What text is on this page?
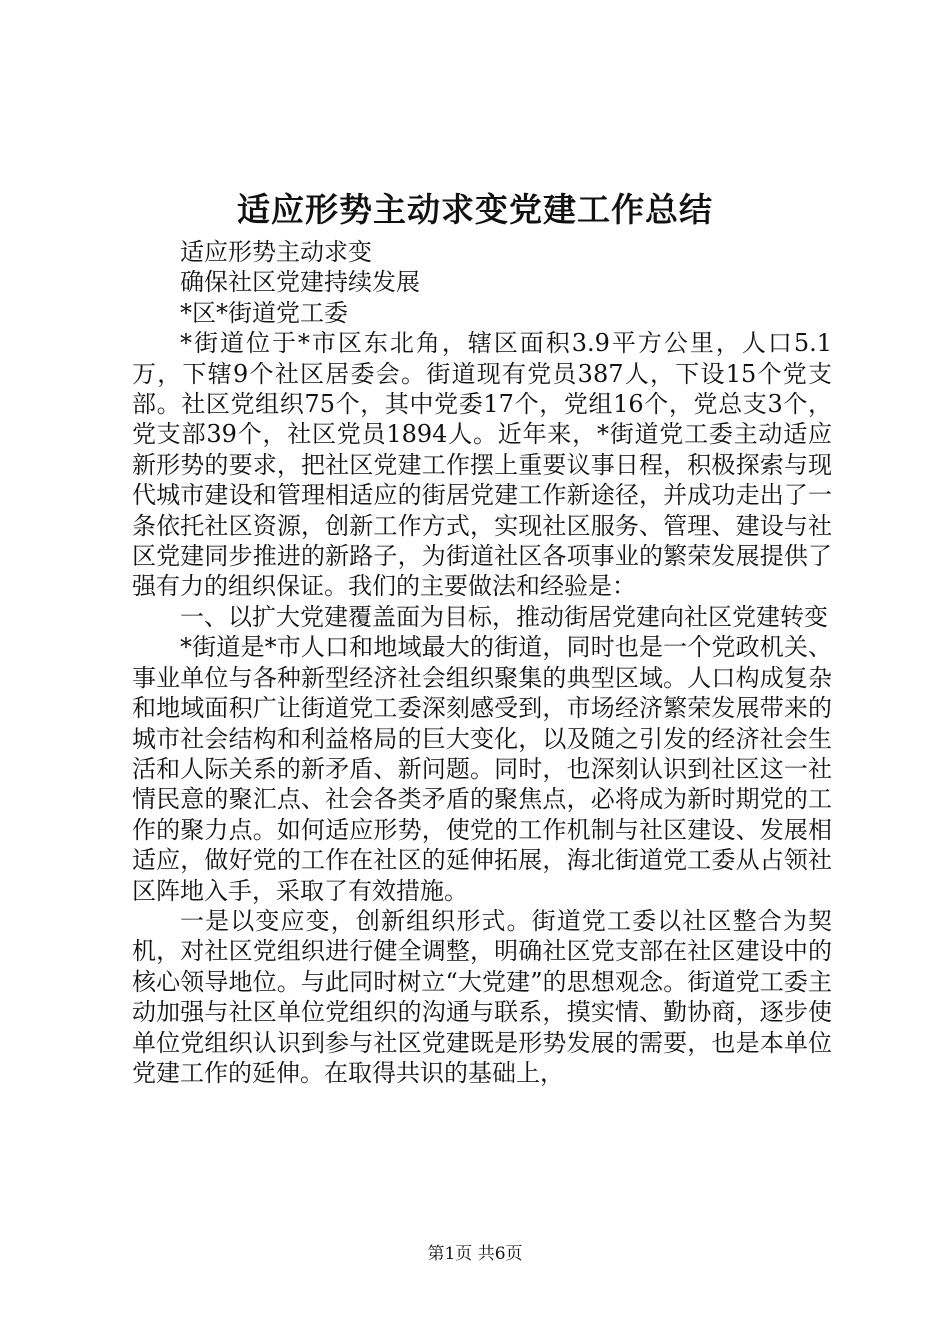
适应形势主动求变党建工作总结

适应形势主动求变

确保社区党建持续发展

*区*街道党工委

*街道位于*市区东北角，辖区面积3.9平方公里，人口5.1万，下辖9个社区居委会。街道现有党员387人，下设15个党支部。社区党组织75个，其中党委17个，党组16个，党总支3个，党支部39个，社区党员1894人。近年来，*街道党工委主动适应新形势的要求，把社区党建工作摆上重要议事日程，积极探索与现代城市建设和管理相适应的街居党建工作新途径，并成功走出了一条依托社区资源，创新工作方式，实现社区服务、管理、建设与社区党建同步推进的新路子，为街道社区各项事业的繁荣发展提供了强有力的组织保证。我们的主要做法和经验是：

一、以扩大党建覆盖面为目标，推动街居党建向社区党建转变

*街道是*市人口和地域最大的街道，同时也是一个党政机关、事业单位与各种新型经济社会组织聚集的典型区域。人口构成复杂和地域面积广让街道党工委深刻感受到，市场经济繁荣发展带来的城市社会结构和利益格局的巨大变化，以及随之引发的经济社会生活和人际关系的新矛盾、新问题。同时，也深刻认识到社区这一社情民意的聚汇点、社会各类矛盾的聚焦点，必将成为新时期党的工作的聚力点。如何适应形势，使党的工作机制与社区建设、发展相适应，做好党的工作在社区的延伸拓展，海北街道党工委从占领社区阵地入手，采取了有效措施。

一是以变应变，创新组织形式。街道党工委以社区整合为契机，对社区党组织进行健全调整，明确社区党支部在社区建设中的核心领导地位。与此同时树立“大党建”的思想观念。街道党工委主动加强与社区单位党组织的沟通与联系，摸实情、勤协商，逐步使单位党组织认识到参与社区党建既是形势发展的需要，也是本单位党建工作的延伸。在取得共识的基础上，

第1页 共6页
